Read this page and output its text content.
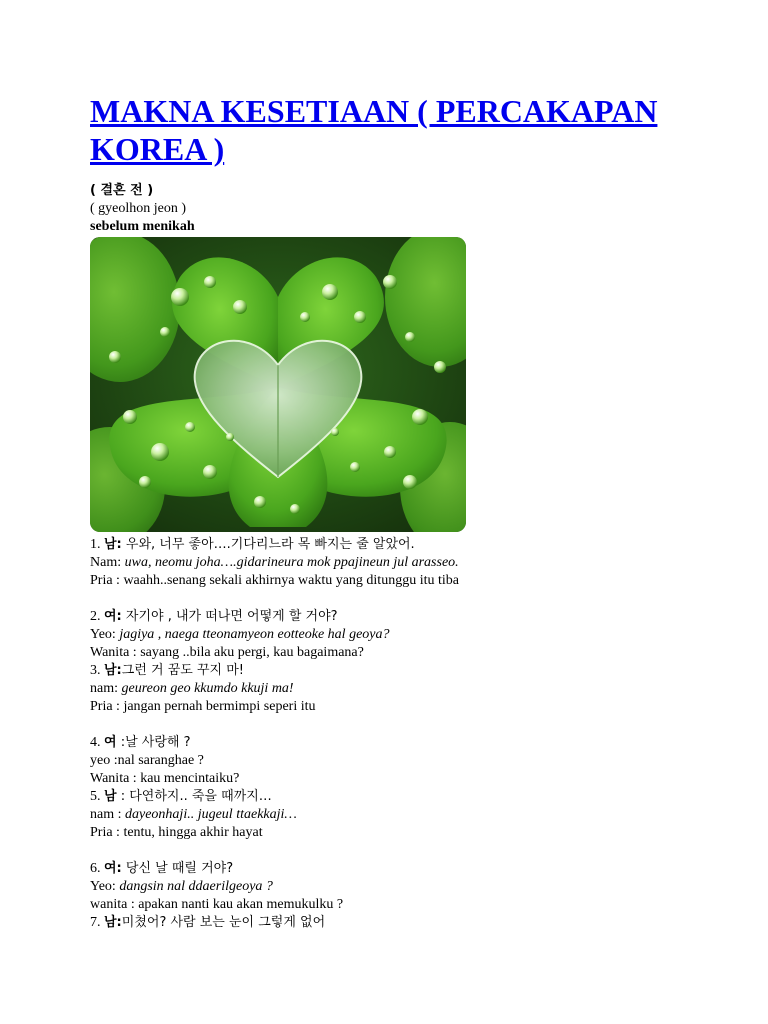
MAKNA KESETIAAN ( PERCAKAPAN KOREA )
( 결혼 전 )
( gyeolhon jeon )
sebelum menikah
1. 남: 우와, 너무 좋아….기다리느라 목 빠지는 줄 알았어.
Nam: uwa, neomu joha….gidarineura mok ppajineun jul arasseo.
Pria : waahh..senang sekali akhirnya waktu yang ditunggu itu tiba
2. 여: 자기야 , 내가 떠나면 어떻게 할 거야?
Yeo: jagiya , naega tteonamyeon eotteoke hal geoya?
Wanita : sayang ..bila aku pergi, kau bagaimana?
3. 남:그런 거 꿈도 꾸지 마!
nam: geureon geo kkumdo kkuji ma!
Pria : jangan pernah bermimpi seperi itu
4. 여 :날 사랑해 ?
yeo :nal saranghae ?
Wanita : kau mencintaiku?
5. 남 : 다연하지.. 죽을 때까지…
nam : dayeonhaji.. jugeul ttaekkaji…
Pria : tentu, hingga akhir hayat
6. 여: 당신 날 때릴 거야?
Yeo: dangsin nal ddaerilgeoya ?
wanita : apakan nanti kau akan memukulku ?
7. 남:미쳤어? 사람 보는 눈이 그렇게 없어
